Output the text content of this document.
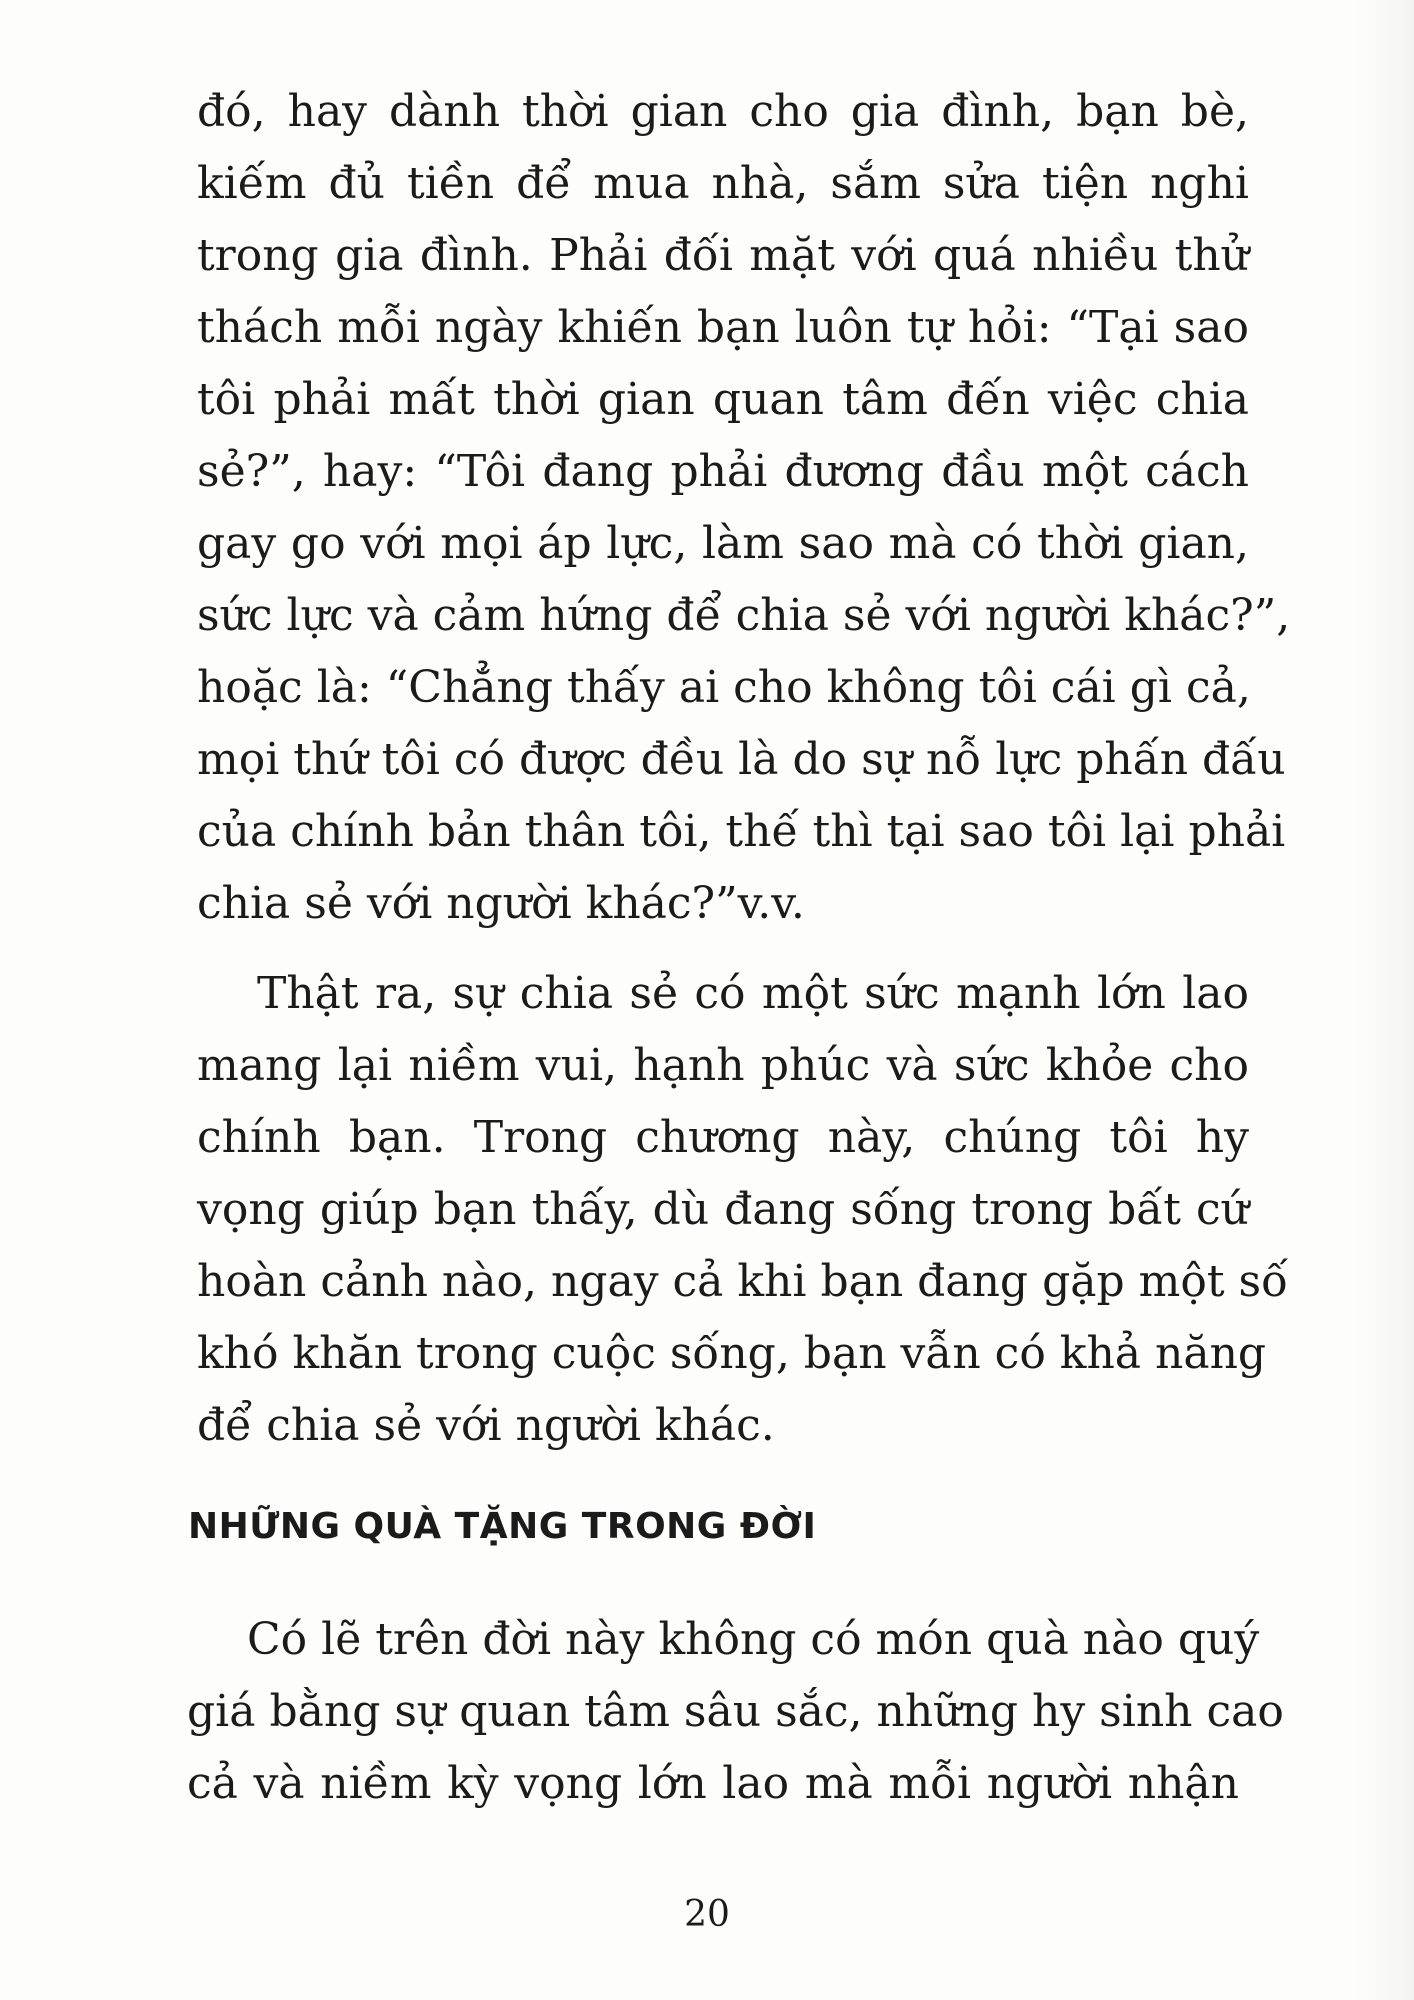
đó, hay dành thời gian cho gia đình, bạn bè,
kiếm đủ tiền để mua nhà, sắm sửa tiện nghi
trong gia đình. Phải đối mặt với quá nhiều thử
thách mỗi ngày khiến bạn luôn tự hỏi: “Tại sao
tôi phải mất thời gian quan tâm đến việc chia
sẻ?”, hay: “Tôi đang phải đương đầu một cách
gay go với mọi áp lực, làm sao mà có thời gian,
sức lực và cảm hứng để chia sẻ với người khác?”,
hoặc là: “Chẳng thấy ai cho không tôi cái gì cả,
mọi thứ tôi có được đều là do sự nỗ lực phấn đấu
của chính bản thân tôi, thế thì tại sao tôi lại phải
chia sẻ với người khác?”v.v.
Thật ra, sự chia sẻ có một sức mạnh lớn lao
mang lại niềm vui, hạnh phúc và sức khỏe cho
chính bạn. Trong chương này, chúng tôi hy
vọng giúp bạn thấy, dù đang sống trong bất cứ
hoàn cảnh nào, ngay cả khi bạn đang gặp một số
khó khăn trong cuộc sống, bạn vẫn có khả năng
để chia sẻ với người khác.
NHỮNG QUÀ TẶNG TRONG ĐỜI
Có lẽ trên đời này không có món quà nào quý
giá bằng sự quan tâm sâu sắc, những hy sinh cao
cả và niềm kỳ vọng lớn lao mà mỗi người nhận
20
